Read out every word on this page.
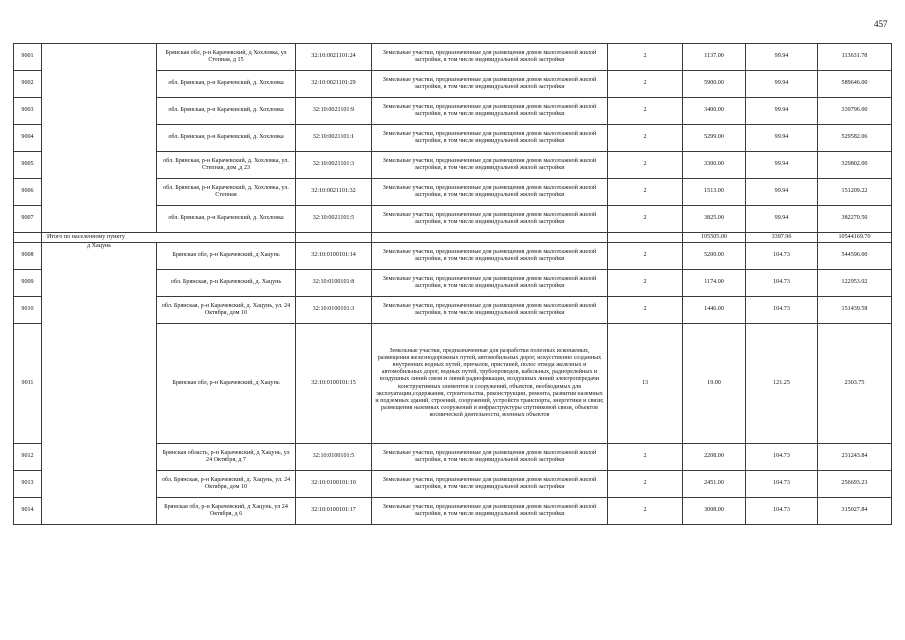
457
9001		Брянская обл, р-н Карачевский, д Хохловка, ул Степная, д 15	32:10:0021101:24	Земельные участки, предназначенные для размещения домов малоэтажной жилой застройки, в том числе индивидуальной жилой застройки	2	1137.00	99.94	113631.78
9002		обл. Брянская, р-н Карачевский, д. Хохловка	32:10:0021101:29	Земельные участки, предназначенные для размещения домов малоэтажной жилой застройки, в том числе индивидуальной жилой застройки	2	5900.00	99.94	589646.00
9003		обл. Брянская, р-н Карачевский, д. Хохловка	32:10:0021101:9	Земельные участки, предназначенные для размещения домов малоэтажной жилой застройки, в том числе индивидуальной жилой застройки	2	3400.00	99.94	339796.00
9004		обл. Брянская, р-н Карачевский, д. Хохловка	32:10:0021101:1	Земельные участки, предназначенные для размещения домов малоэтажной жилой застройки, в том числе индивидуальной жилой застройки	2	5299.00	99.94	529582.06
9005		обл. Брянская, р-н Карачевский, д. Хохловка, ул. Степная, дом ,д 23	32:10:0021101:3	Земельные участки, предназначенные для размещения домов малоэтажной жилой застройки, в том числе индивидуальной жилой застройки	2	3300.00	99.94	329802.00
9006		обл. Брянская, р-н Карачевский, д. Хохловка, ул. Степная	32:10:0021101:32	Земельные участки, предназначенные для размещения домов малоэтажной жилой застройки, в том числе индивидуальной жилой застройки	2	1513.00	99.94	151209.22
9007		обл. Брянская, р-н Карачевский, д. Хохловка	32:10:0021101:5	Земельные участки, предназначенные для размещения домов малоэтажной жилой застройки, в том числе индивидуальной жилой застройки	2	3825.00	99.94	382270.50
	Итого по населенному пункту					105505.00	3397.96	10544169.70
9008	д Хацунь	Брянская обл, р-н Карачевский, д Хацунь	32:10:0100101:14	Земельные участки, предназначенные для размещения домов малоэтажной жилой застройки, в том числе индивидуальной жилой застройки	2	5200.00	104.73	544596.00
9009		обл. Брянская, р-н Карачевский, д. Хацунь	32:10:0100101:8	Земельные участки, предназначенные для размещения домов малоэтажной жилой застройки, в том числе индивидуальной жилой застройки	2	1174.00	104.73	122953.02
9010		обл. Брянская, р-н Карачевский, д. Хацунь, ул. 24 Октября, дом 10	32:10:0100101:3	Земельные участки, предназначенные для размещения домов малоэтажной жилой застройки, в том числе индивидуальной жилой застройки	2	1446.00	104.73	151439.58
9011		Брянская обл, р-н Карачевский, д Хацунь	32:10:0100101:15	Земельные участки, предназначенные для разработки полезных ископаемых, размещения железнодорожных путей, автомобильных дорог, искусственно созданных внутренних водных путей, причалов, пристаней, полос отвода железных и автомобильных дорог, водных путей, трубопроводов, кабельных, радиорелейных и воздушных линий связи и линий радиофикации, воздушных линий электропередачи конструктивных элементов и сооружений, объектов, необходимых для эксплуатации,содержания, строительства, реконструкции, ремонта, развития наземных и подземных зданий, строений, сооружений, устройств транспорта, энергетики и связи; размещения наземных сооружений и инфраструктуры спутниковой связи, объектов космической деятельности, военных объектов	13	19.00	121.25	2303.75
9012		Брянская область, р-н Карачевский, д Хацунь, ул 24 Октября, д 7	32:10:0100101:5	Земельные участки, предназначенные для размещения домов малоэтажной жилой застройки, в том числе индивидуальной жилой застройки	2	2208.00	104.73	231243.84
9013		обл. Брянская, р-н Карачевский, д. Хацунь, ул. 24 Октября, дом 10	32:10:0100101:10	Земельные участки, предназначенные для размещения домов малоэтажной жилой застройки, в том числе индивидуальной жилой застройки	2	2451.00	104.73	256693.23
9014		Брянская обл, р-н Карачевский, д Хацунь, ул 24 Октября, д 6	32:10:0100101:17	Земельные участки, предназначенные для размещения домов малоэтажной жилой застройки, в том числе индивидуальной жилой застройки	2	3008.00	104.73	315027.84
